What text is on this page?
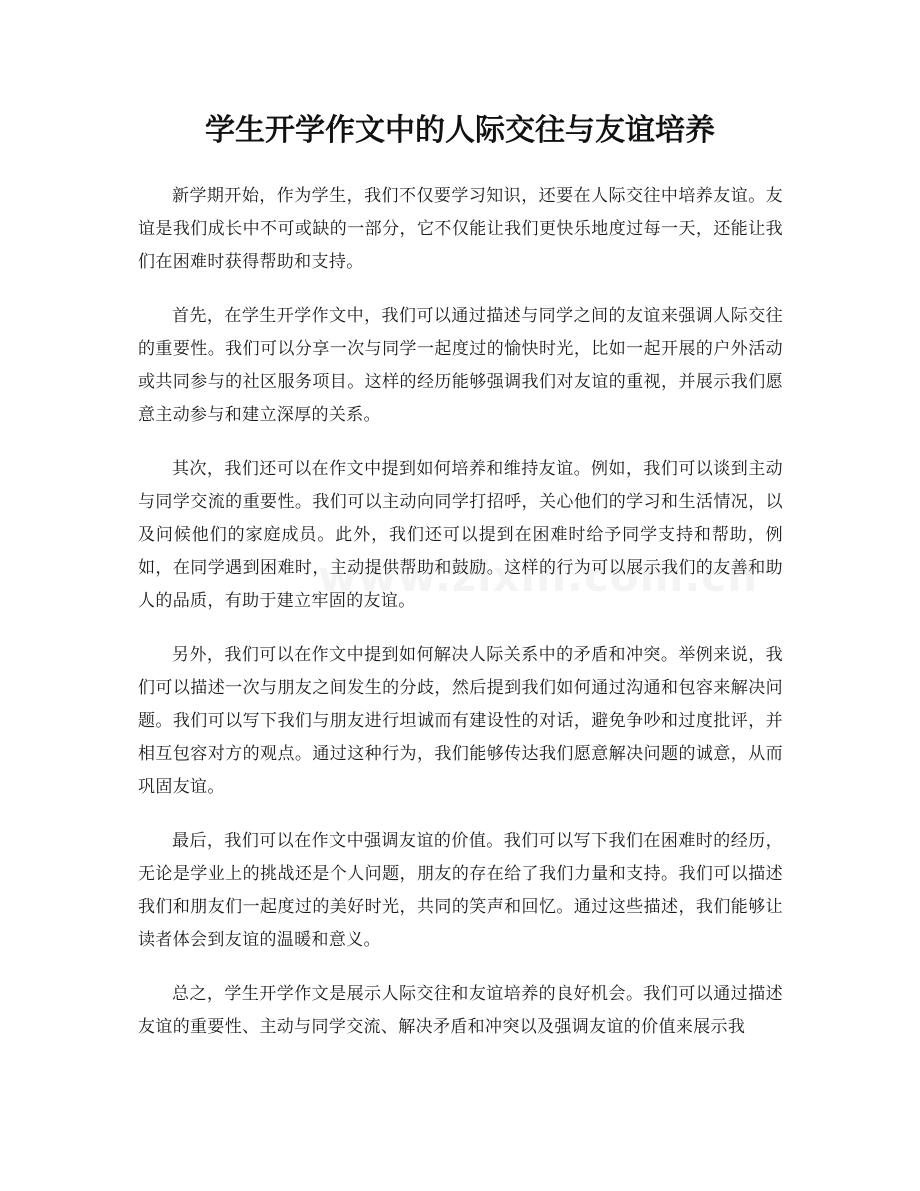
学生开学作文中的人际交往与友谊培养

新学期开始，作为学生，我们不仅要学习知识，还要在人际交往中培养友谊。友谊是我们成长中不可或缺的一部分，它不仅能让我们更快乐地度过每一天，还能让我们在困难时获得帮助和支持。

首先，在学生开学作文中，我们可以通过描述与同学之间的友谊来强调人际交往的重要性。我们可以分享一次与同学一起度过的愉快时光，比如一起开展的户外活动或共同参与的社区服务项目。这样的经历能够强调我们对友谊的重视，并展示我们愿意主动参与和建立深厚的关系。

其次，我们还可以在作文中提到如何培养和维持友谊。例如，我们可以谈到主动与同学交流的重要性。我们可以主动向同学打招呼，关心他们的学习和生活情况，以及问候他们的家庭成员。此外，我们还可以提到在困难时给予同学支持和帮助，例如，在同学遇到困难时，主动提供帮助和鼓励。这样的行为可以展示我们的友善和助人的品质，有助于建立牢固的友谊。

另外，我们可以在作文中提到如何解决人际关系中的矛盾和冲突。举例来说，我们可以描述一次与朋友之间发生的分歧，然后提到我们如何通过沟通和包容来解决问题。我们可以写下我们与朋友进行坦诚而有建设性的对话，避免争吵和过度批评，并相互包容对方的观点。通过这种行为，我们能够传达我们愿意解决问题的诚意，从而巩固友谊。

最后，我们可以在作文中强调友谊的价值。我们可以写下我们在困难时的经历，无论是学业上的挑战还是个人问题，朋友的存在给了我们力量和支持。我们可以描述我们和朋友们一起度过的美好时光，共同的笑声和回忆。通过这些描述，我们能够让读者体会到友谊的温暖和意义。

总之，学生开学作文是展示人际交往和友谊培养的良好机会。我们可以通过描述友谊的重要性、主动与同学交流、解决矛盾和冲突以及强调友谊的价值来展示我
